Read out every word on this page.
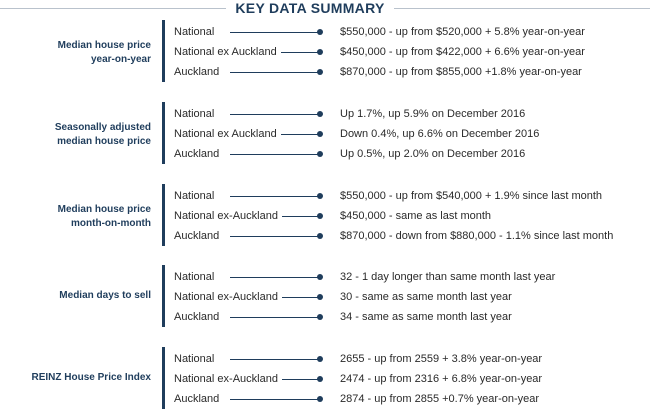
KEY DATA SUMMARY
Median house price
year-on-year
National	$550,000 - up from $520,000 + 5.8% year-on-year
National ex Auckland	$450,000 - up from $422,000 + 6.6% year-on-year
Auckland	$870,000 - up from $855,000 +1.8% year-on-year
Seasonally adjusted
median house price
National	Up 1.7%, up 5.9% on December 2016
National ex Auckland	Down 0.4%, up 6.6% on December 2016
Auckland	Up 0.5%, up 2.0% on December 2016
Median house price
month-on-month
National	$550,000 - up from $540,000 + 1.9% since last month
National ex-Auckland	$450,000 - same as last month
Auckland	$870,000 - down from $880,000 - 1.1% since last month
Median days to sell
National	32 - 1 day longer than same month last year
National ex-Auckland	30 - same as same month last year
Auckland	34 - same as same month last year
REINZ House Price Index
National	2655 - up from 2559 + 3.8% year-on-year
National ex-Auckland	2474 - up from 2316 + 6.8% year-on-year
Auckland	2874 - up from 2855 +0.7% year-on-year
